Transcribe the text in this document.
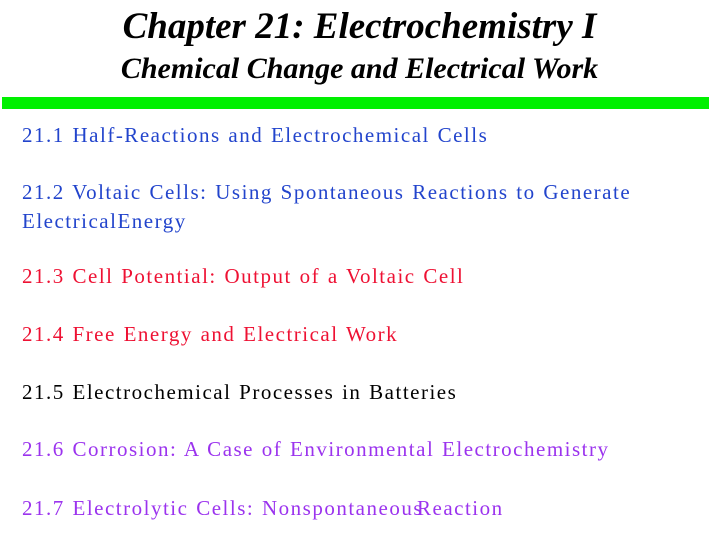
Chapter 21: Electrochemistry I
Chemical Change and Electrical Work
21.1 Half-Reactions and Electrochemical Cells
21.2 Voltaic Cells: Using Spontaneous Reactions to Generate
ElectricalEnergy
21.3 Cell Potential: Output of a Voltaic Cell
21.4 Free Energy and Electrical Work
21.5 Electrochemical Processes in Batteries
21.6 Corrosion: A Case of Environmental Electrochemistry
21.7 Electrolytic Cells: Nonspontaneous
Reaction
